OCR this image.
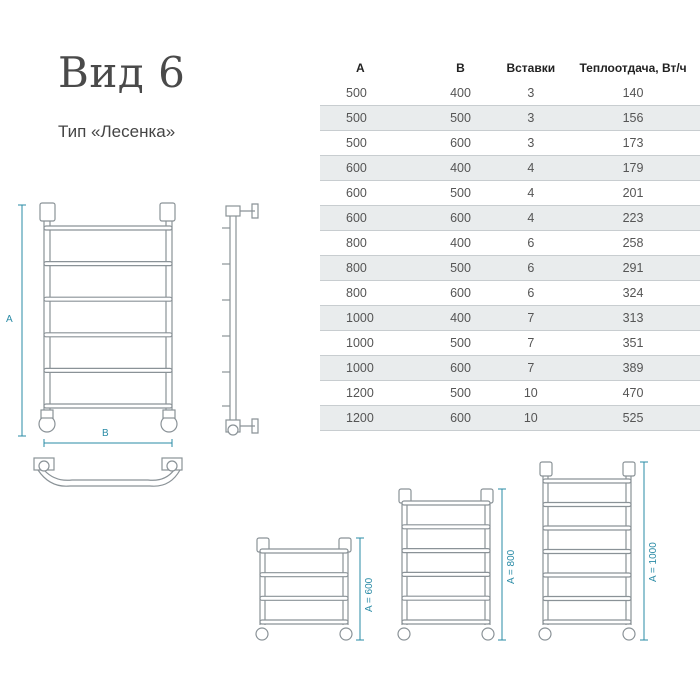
Вид 6
Тип «Лесенка»
A	B	Вставки	Теплоотдача, Вт/ч
500	400	3	140
500	500	3	156
500	600	3	173
600	400	4	179
600	500	4	201
600	600	4	223
800	400	6	258
800	500	6	291
800	600	6	324
1000	400	7	313
1000	500	7	351
1000	600	7	389
1200	500	10	470
1200	600	10	525
A
B
A = 600
A = 800	A = 1000
